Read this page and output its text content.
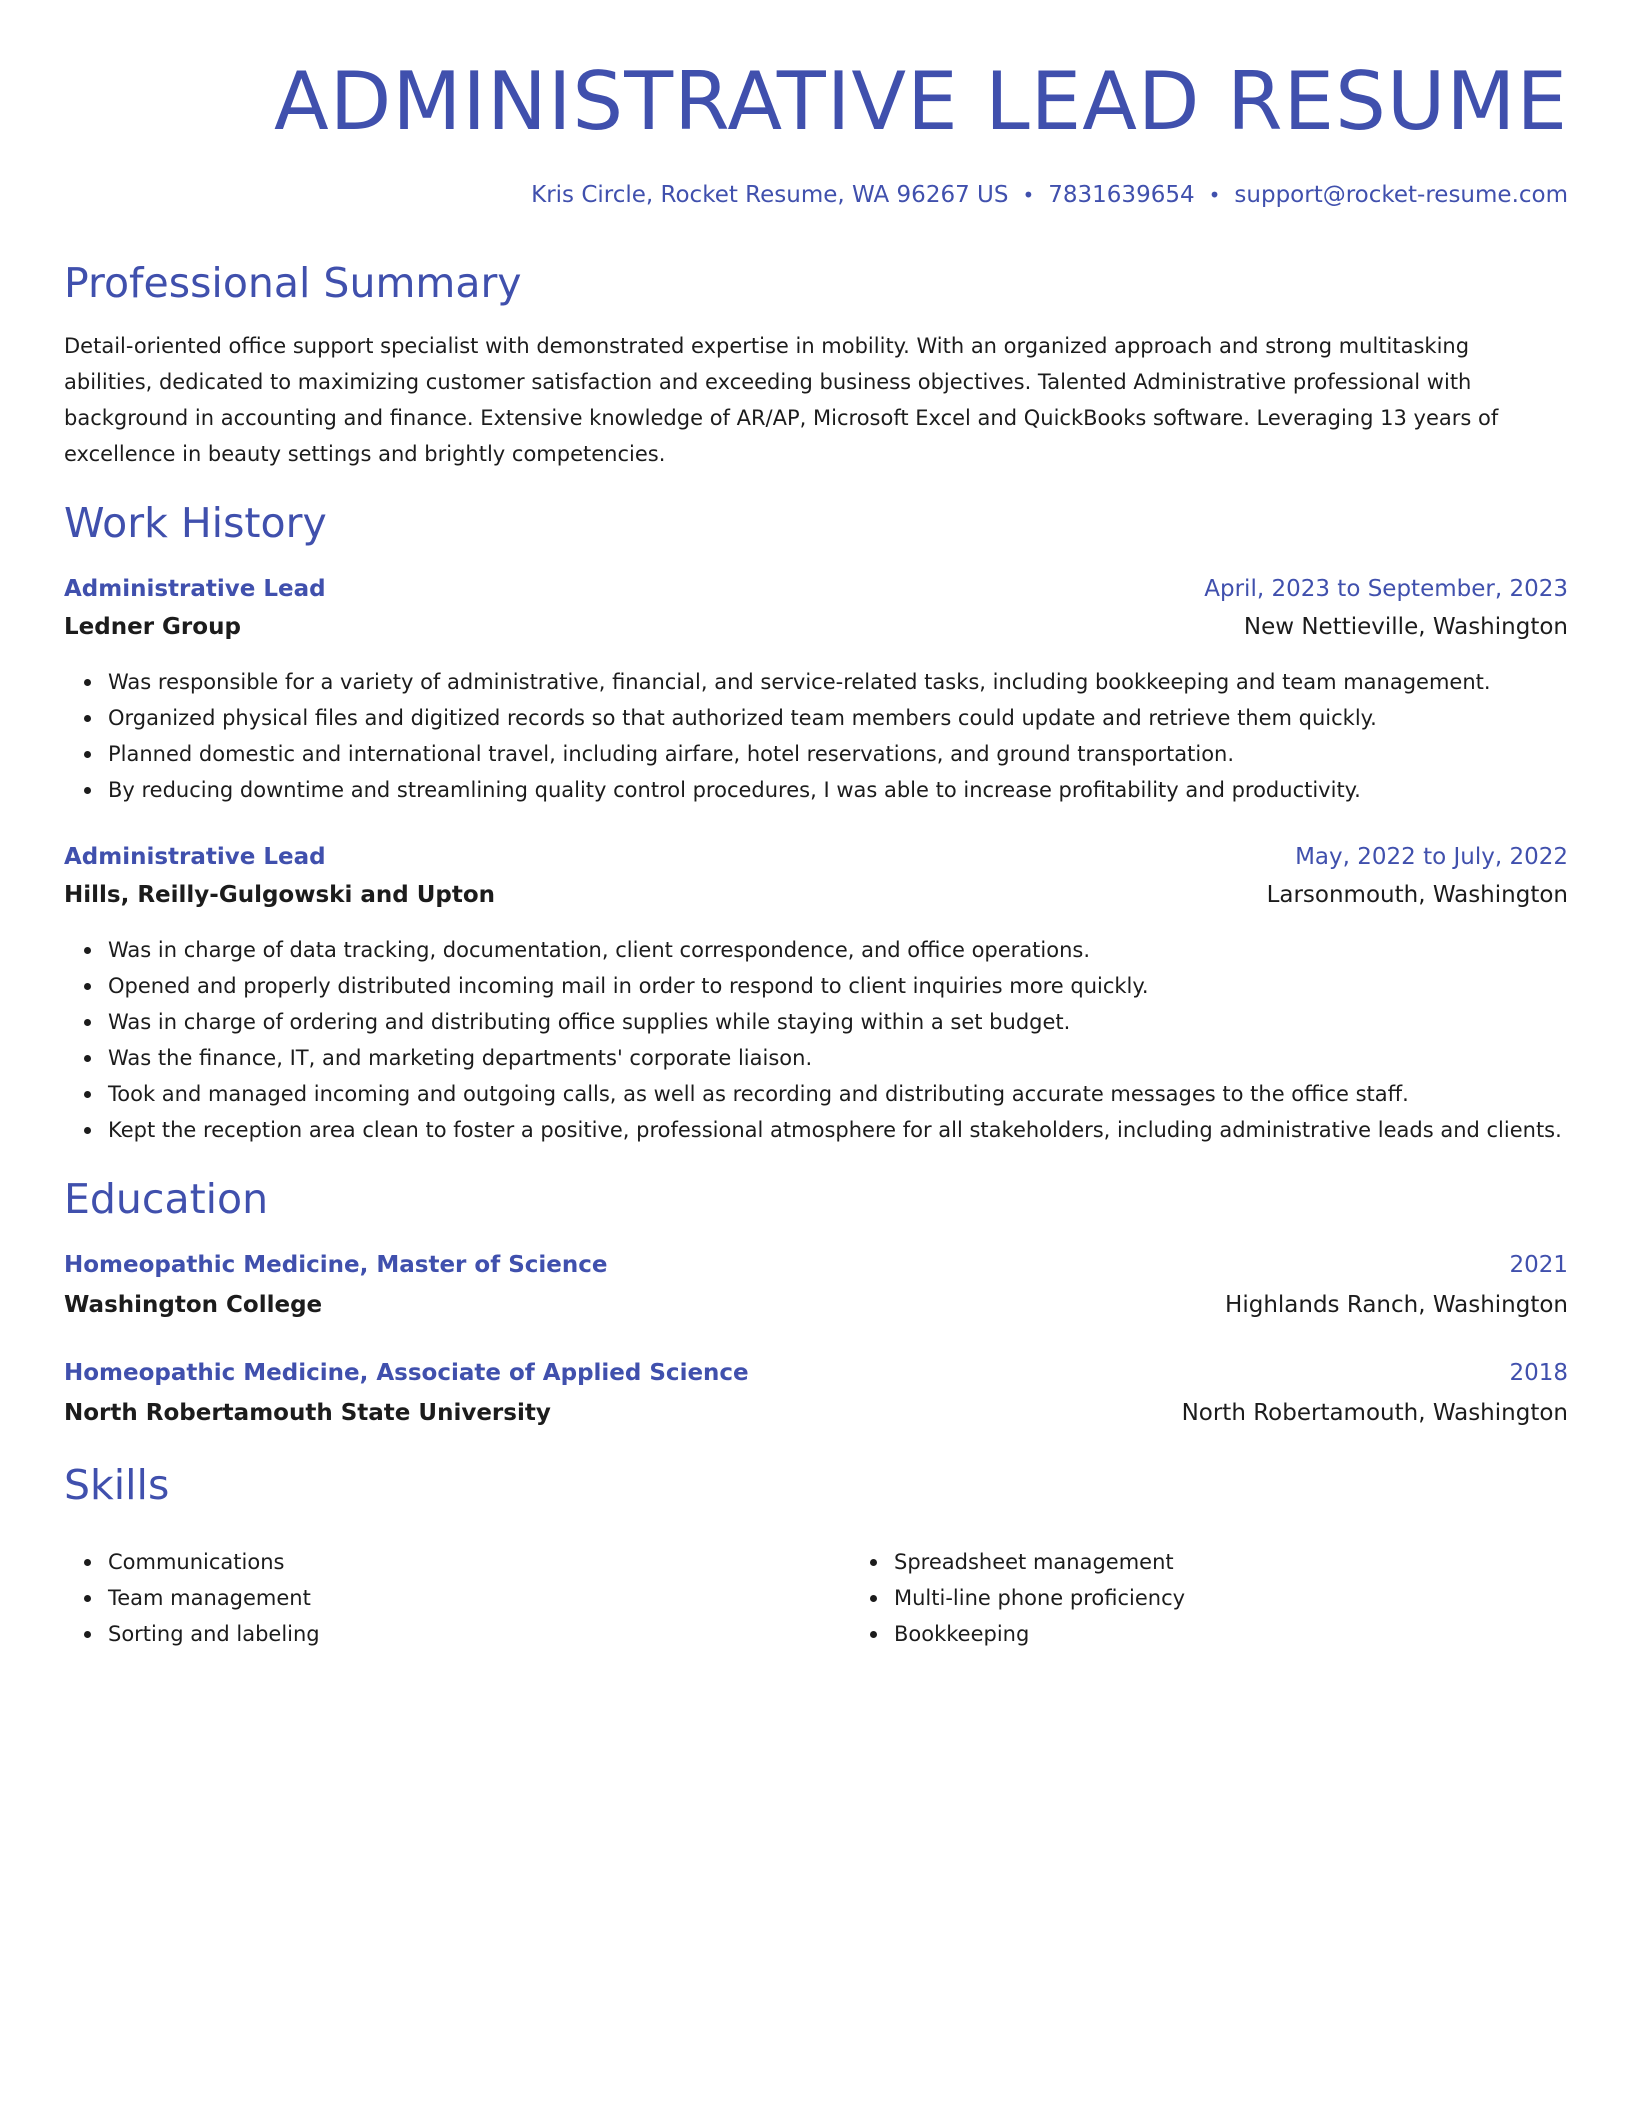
ADMINISTRATIVE LEAD RESUME
Kris Circle, Rocket Resume, WA 96267 US • 7831639654 • support@rocket-resume.com
Professional Summary

Detail-oriented office support specialist with demonstrated expertise in mobility. With an organized approach and strong multitasking abilities, dedicated to maximizing customer satisfaction and exceeding business objectives. Talented Administrative professional with background in accounting and finance. Extensive knowledge of AR/AP, Microsoft Excel and QuickBooks software. Leveraging 13 years of excellence in beauty settings and brightly competencies.

Work History
Administrative Lead	April, 2023 to September, 2023
Ledner Group	New Nettieville, Washington
Was responsible for a variety of administrative, financial, and service-related tasks, including bookkeeping and team management.
Organized physical files and digitized records so that authorized team members could update and retrieve them quickly.
Planned domestic and international travel, including airfare, hotel reservations, and ground transportation.
By reducing downtime and streamlining quality control procedures, I was able to increase profitability and productivity.
Administrative Lead	May, 2022 to July, 2022
Hills, Reilly-Gulgowski and Upton	Larsonmouth, Washington
Was in charge of data tracking, documentation, client correspondence, and office operations.
Opened and properly distributed incoming mail in order to respond to client inquiries more quickly.
Was in charge of ordering and distributing office supplies while staying within a set budget.
Was the finance, IT, and marketing departments' corporate liaison.
Took and managed incoming and outgoing calls, as well as recording and distributing accurate messages to the office staff.
Kept the reception area clean to foster a positive, professional atmosphere for all stakeholders, including administrative leads and clients.
Education
Homeopathic Medicine, Master of Science	2021
Washington College	Highlands Ranch, Washington
Homeopathic Medicine, Associate of Applied Science	2018
North Robertamouth State University	North Robertamouth, Washington
Skills
Communications
Team management
Sorting and labeling
Spreadsheet management
Multi-line phone proficiency
Bookkeeping
